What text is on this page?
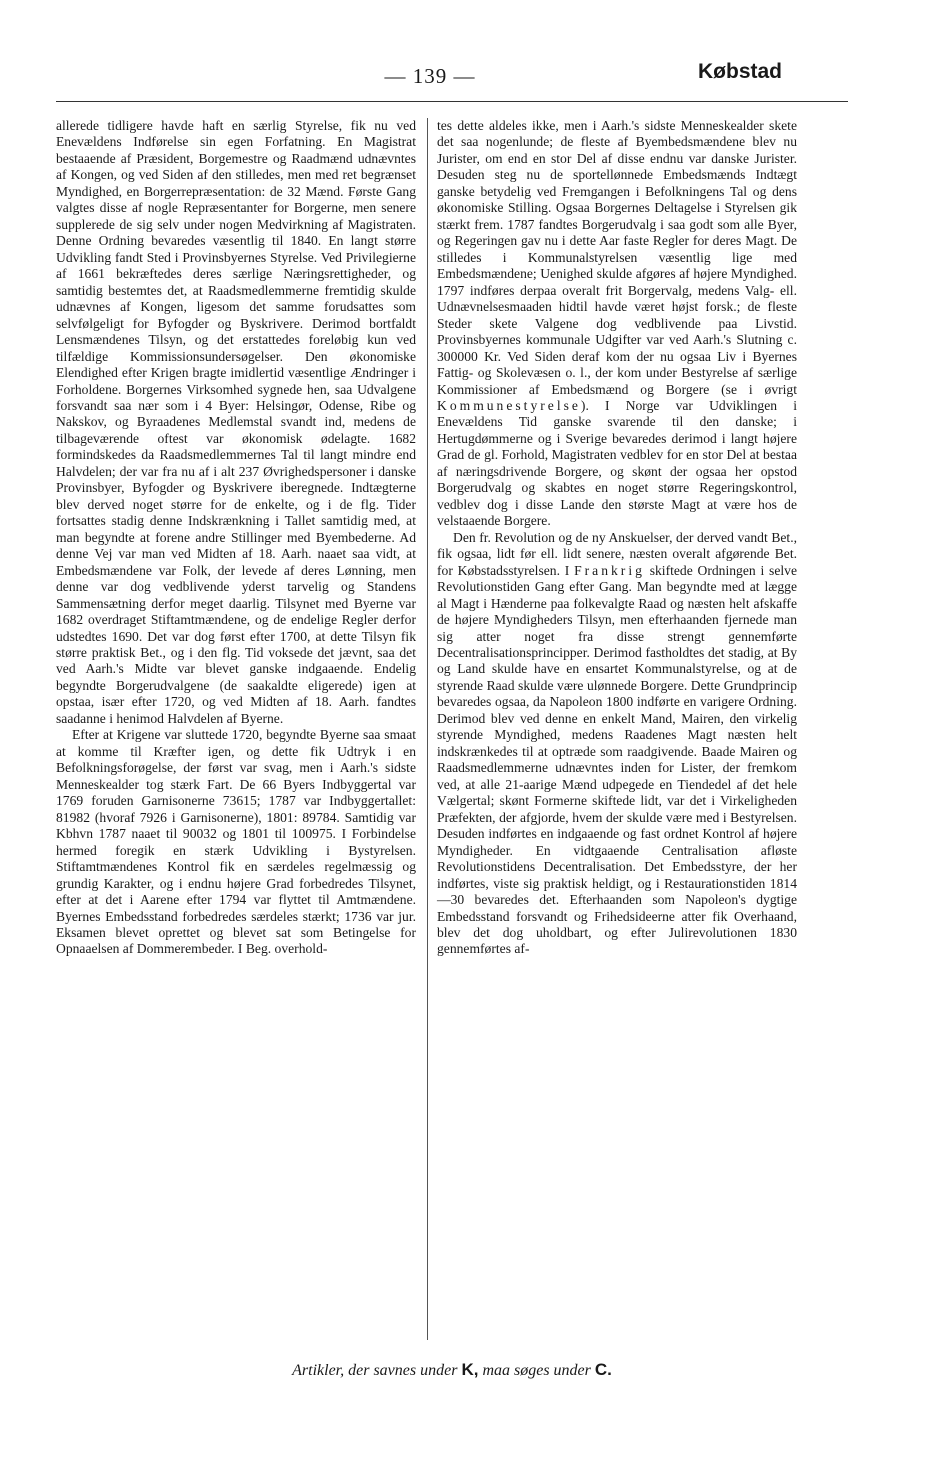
— 139 —	Købstad

allerede tidligere havde haft en særlig Styrelse, fik nu ved Enevældens Indførelse sin egen Forfatning. En Magistrat bestaaende af Præsident, Borgemestre og Raadmænd udnævntes af Kongen, og ved Siden af den stilledes, men med ret begrænset Myndighed, en Borgerrepræsentation: de 32 Mænd. Første Gang valgtes disse af nogle Repræsentanter for Borgerne, men senere supplerede de sig selv under nogen Medvirkning af Magistraten. Denne Ordning bevaredes væsentlig til 1840. En langt større Udvikling fandt Sted i Provinsbyernes Styrelse. Ved Privilegierne af 1661 bekræftedes deres særlige Næringsrettigheder, og samtidig bestemtes det, at Raadsmedlemmerne fremtidig skulde udnævnes af Kongen, ligesom det samme forudsattes som selvfølgeligt for Byfogder og Byskrivere. Derimod bortfaldt Lensmændenes Tilsyn, og det erstattedes foreløbig kun ved tilfældige Kommissionsundersøgelser. Den økonomiske Elendighed efter Krigen bragte imidlertid væsentlige Ændringer i Forholdene. Borgernes Virksomhed sygnede hen, saa Udvalgene forsvandt saa nær som i 4 Byer: Helsingør, Odense, Ribe og Nakskov, og Byraadenes Medlemstal svandt ind, medens de tilbageværende oftest var økonomisk ødelagte. 1682 formindskedes da Raadsmedlemmernes Tal til langt mindre end Halvdelen; der var fra nu af i alt 237 Øvrighedspersoner i danske Provinsbyer, Byfogder og Byskrivere iberegnede. Indtægterne blev derved noget større for de enkelte, og i de flg. Tider fortsattes stadig denne Indskrænkning i Tallet samtidig med, at man begyndte at forene andre Stillinger med Byembederne. Ad denne Vej var man ved Midten af 18. Aarh. naaet saa vidt, at Embedsmændene var Folk, der levede af deres Lønning, men denne var dog vedblivende yderst tarvelig og Standens Sammensætning derfor meget daarlig. Tilsynet med Byerne var 1682 overdraget Stiftamtmændene, og de endelige Regler derfor udstedtes 1690. Det var dog først efter 1700, at dette Tilsyn fik større praktisk Bet., og i den flg. Tid voksede det jævnt, saa det ved Aarh.'s Midte var blevet ganske indgaaende. Endelig begyndte Borgerudvalgene (de saakaldte eligerede) igen at opstaa, især efter 1720, og ved Midten af 18. Aarh. fandtes saadanne i henimod Halvdelen af Byerne.

Efter at Krigene var sluttede 1720, begyndte Byerne saa smaat at komme til Kræfter igen, og dette fik Udtryk i en Befolkningsforøgelse, der først var svag, men i Aarh.'s sidste Menneskealder tog stærk Fart. De 66 Byers Indbyggertal var 1769 foruden Garnisonerne 73615; 1787 var Indbyggertallet: 81982 (hvoraf 7926 i Garnisonerne), 1801: 89784. Samtidig var Kbhvn 1787 naaet til 90032 og 1801 til 100975. I Forbindelse hermed foregik en stærk Udvikling i Bystyrelsen. Stiftamtmændenes Kontrol fik en særdeles regelmæssig og grundig Karakter, og i endnu højere Grad forbedredes Tilsynet, efter at det i Aarene efter 1794 var flyttet til Amtmændene. Byernes Embedsstand forbedredes særdeles stærkt; 1736 var jur. Eksamen blevet oprettet og blevet sat som Betingelse for Opnaaelsen af Dommerembeder. I Beg. overhold-

tes dette aldeles ikke, men i Aarh.'s sidste Menneskealder skete det saa nogenlunde; de fleste af Byembedsmændene blev nu Jurister, om end en stor Del af disse endnu var danske Jurister. Desuden steg nu de sportellønnede Embedsmænds Indtægt ganske betydelig ved Fremgangen i Befolkningens Tal og dens økonomiske Stilling. Ogsaa Borgernes Deltagelse i Styrelsen gik stærkt frem. 1787 fandtes Borgerudvalg i saa godt som alle Byer, og Regeringen gav nu i dette Aar faste Regler for deres Magt. De stilledes i Kommunalstyrelsen væsentlig lige med Embedsmændene; Uenighed skulde afgøres af højere Myndighed. 1797 indføres derpaa overalt frit Borgervalg, medens Valg- ell. Udnævnelsesmaaden hidtil havde været højst forsk.; de fleste Steder skete Valgene dog vedblivende paa Livstid. Provinsbyernes kommunale Udgifter var ved Aarh.'s Slutning c. 300000 Kr. Ved Siden deraf kom der nu ogsaa Liv i Byernes Fattig- og Skolevæsen o. l., der kom under Bestyrelse af særlige Kommissioner af Embedsmænd og Borgere (se i øvrigt Kommunestyrelse). I Norge var Udviklingen i Enevældens Tid ganske svarende til den danske; i Hertugdømmerne og i Sverige bevaredes derimod i langt højere Grad de gl. Forhold, Magistraten vedblev for en stor Del at bestaa af næringsdrivende Borgere, og skønt der ogsaa her opstod Borgerudvalg og skabtes en noget større Regeringskontrol, vedblev dog i disse Lande den største Magt at være hos de velstaaende Borgere.

Den fr. Revolution og de ny Anskuelser, der derved vandt Bet., fik ogsaa, lidt før ell. lidt senere, næsten overalt afgørende Bet. for Købstadsstyrelsen. I Frankrig skiftede Ordningen i selve Revolutionstiden Gang efter Gang. Man begyndte med at lægge al Magt i Hænderne paa folkevalgte Raad og næsten helt afskaffe de højere Myndigheders Tilsyn, men efterhaanden fjernede man sig atter noget fra disse strengt gennemførte Decentralisationsprincipper. Derimod fastholdtes det stadig, at By og Land skulde have en ensartet Kommunalstyrelse, og at de styrende Raad skulde være ulønnede Borgere. Dette Grundprincip bevaredes ogsaa, da Napoleon 1800 indførte en varigere Ordning. Derimod blev ved denne en enkelt Mand, Mairen, den virkelig styrende Myndighed, medens Raadenes Magt næsten helt indskrænkedes til at optræde som raadgivende. Baade Mairen og Raadsmedlemmerne udnævntes inden for Lister, der fremkom ved, at alle 21-aarige Mænd udpegede en Tiendedel af det hele Vælgertal; skønt Formerne skiftede lidt, var det i Virkeligheden Præfekten, der afgjorde, hvem der skulde være med i Bestyrelsen. Desuden indførtes en indgaaende og fast ordnet Kontrol af højere Myndigheder. En vidtgaaende Centralisation afløste Revolutionstidens Decentralisation. Det Embedsstyre, der her indførtes, viste sig praktisk heldigt, og i Restaurationstiden 1814—30 bevaredes det. Efterhaanden som Napoleon's dygtige Embedsstand forsvandt og Frihedsideerne atter fik Overhaand, blev det dog uholdbart, og efter Julirevolutionen 1830 gennemførtes af-

Artikler, der savnes under K, maa søges under C.
